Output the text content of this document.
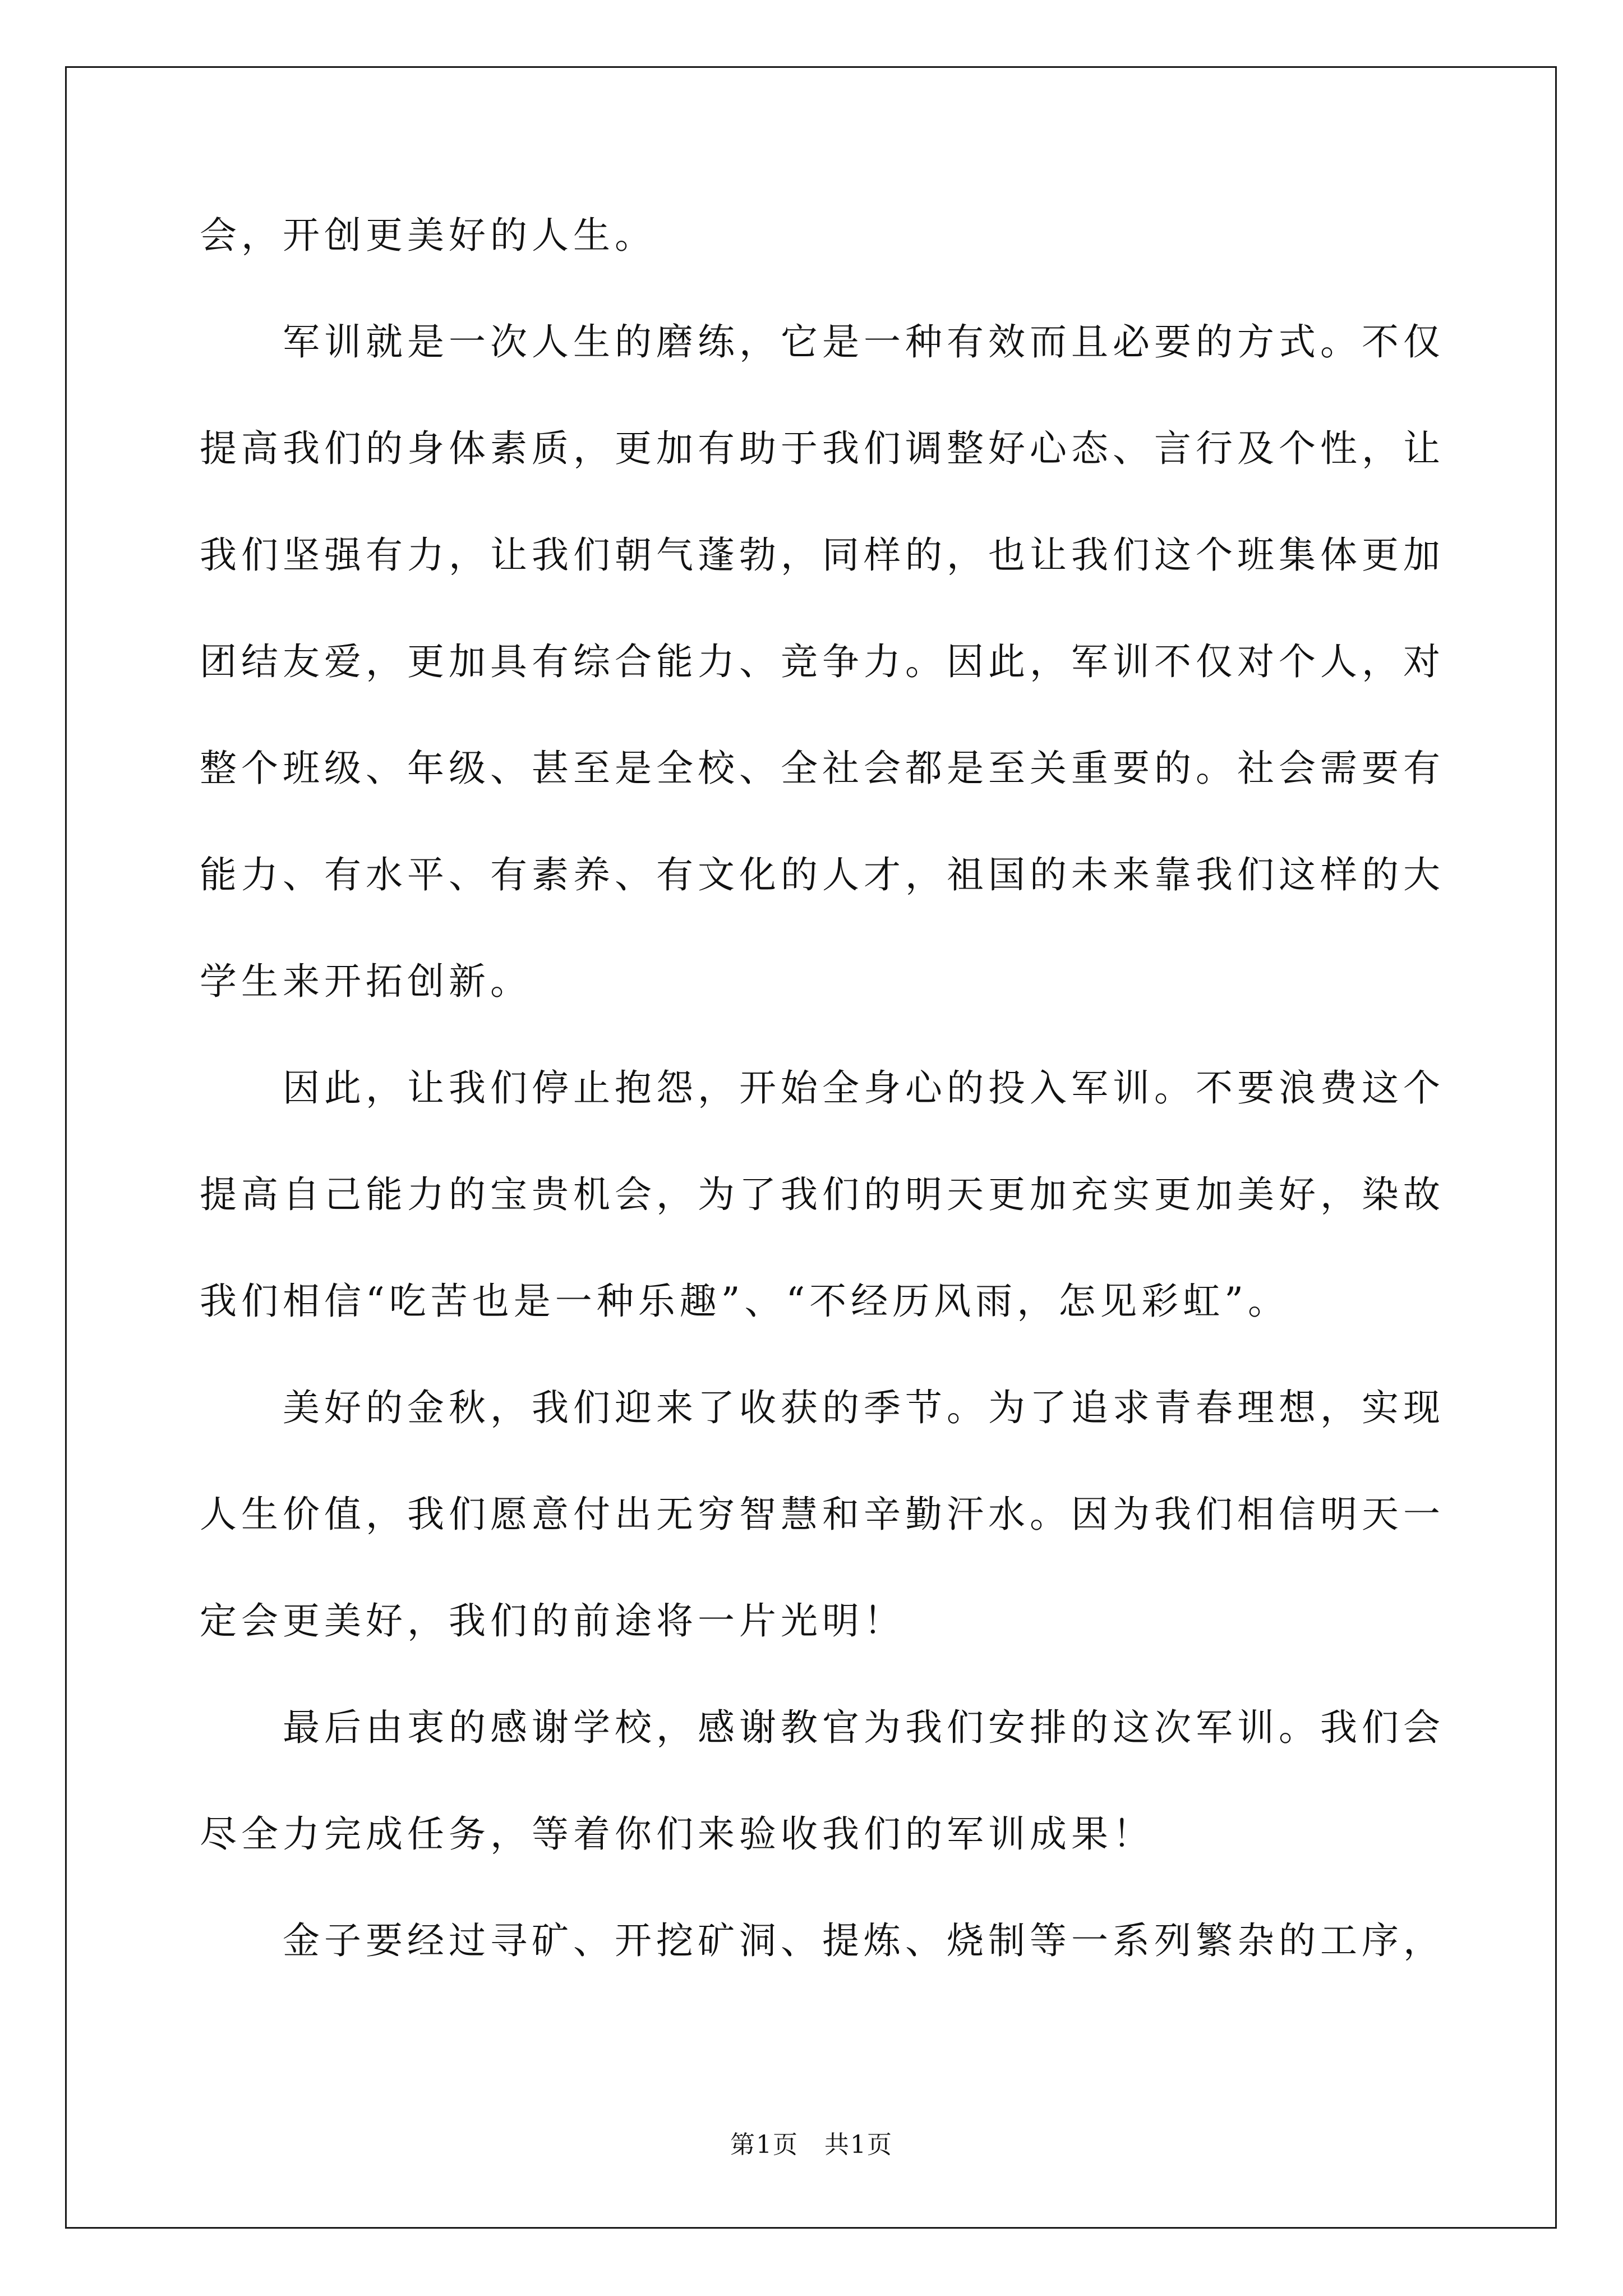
会，开创更美好的人生。
军训就是一次人生的磨练，它是一种有效而且必要的方式。不仅
提高我们的身体素质，更加有助于我们调整好心态、言行及个性，让
我们坚强有力，让我们朝气蓬勃，同样的，也让我们这个班集体更加
团结友爱，更加具有综合能力、竞争力。因此，军训不仅对个人，对
整个班级、年级、甚至是全校、全社会都是至关重要的。社会需要有
能力、有水平、有素养、有文化的人才，祖国的未来靠我们这样的大
学生来开拓创新。
因此，让我们停止抱怨，开始全身心的投入军训。不要浪费这个
提高自己能力的宝贵机会，为了我们的明天更加充实更加美好，染故
我们相信“吃苦也是一种乐趣”、“不经历风雨，怎见彩虹”。
美好的金秋，我们迎来了收获的季节。为了追求青春理想，实现
人生价值，我们愿意付出无穷智慧和辛勤汗水。因为我们相信明天一
定会更美好，我们的前途将一片光明！
最后由衷的感谢学校，感谢教官为我们安排的这次军训。我们会
尽全力完成任务，等着你们来验收我们的军训成果！
金子要经过寻矿、开挖矿洞、提炼、烧制等一系列繁杂的工序，
第1页　共1页
